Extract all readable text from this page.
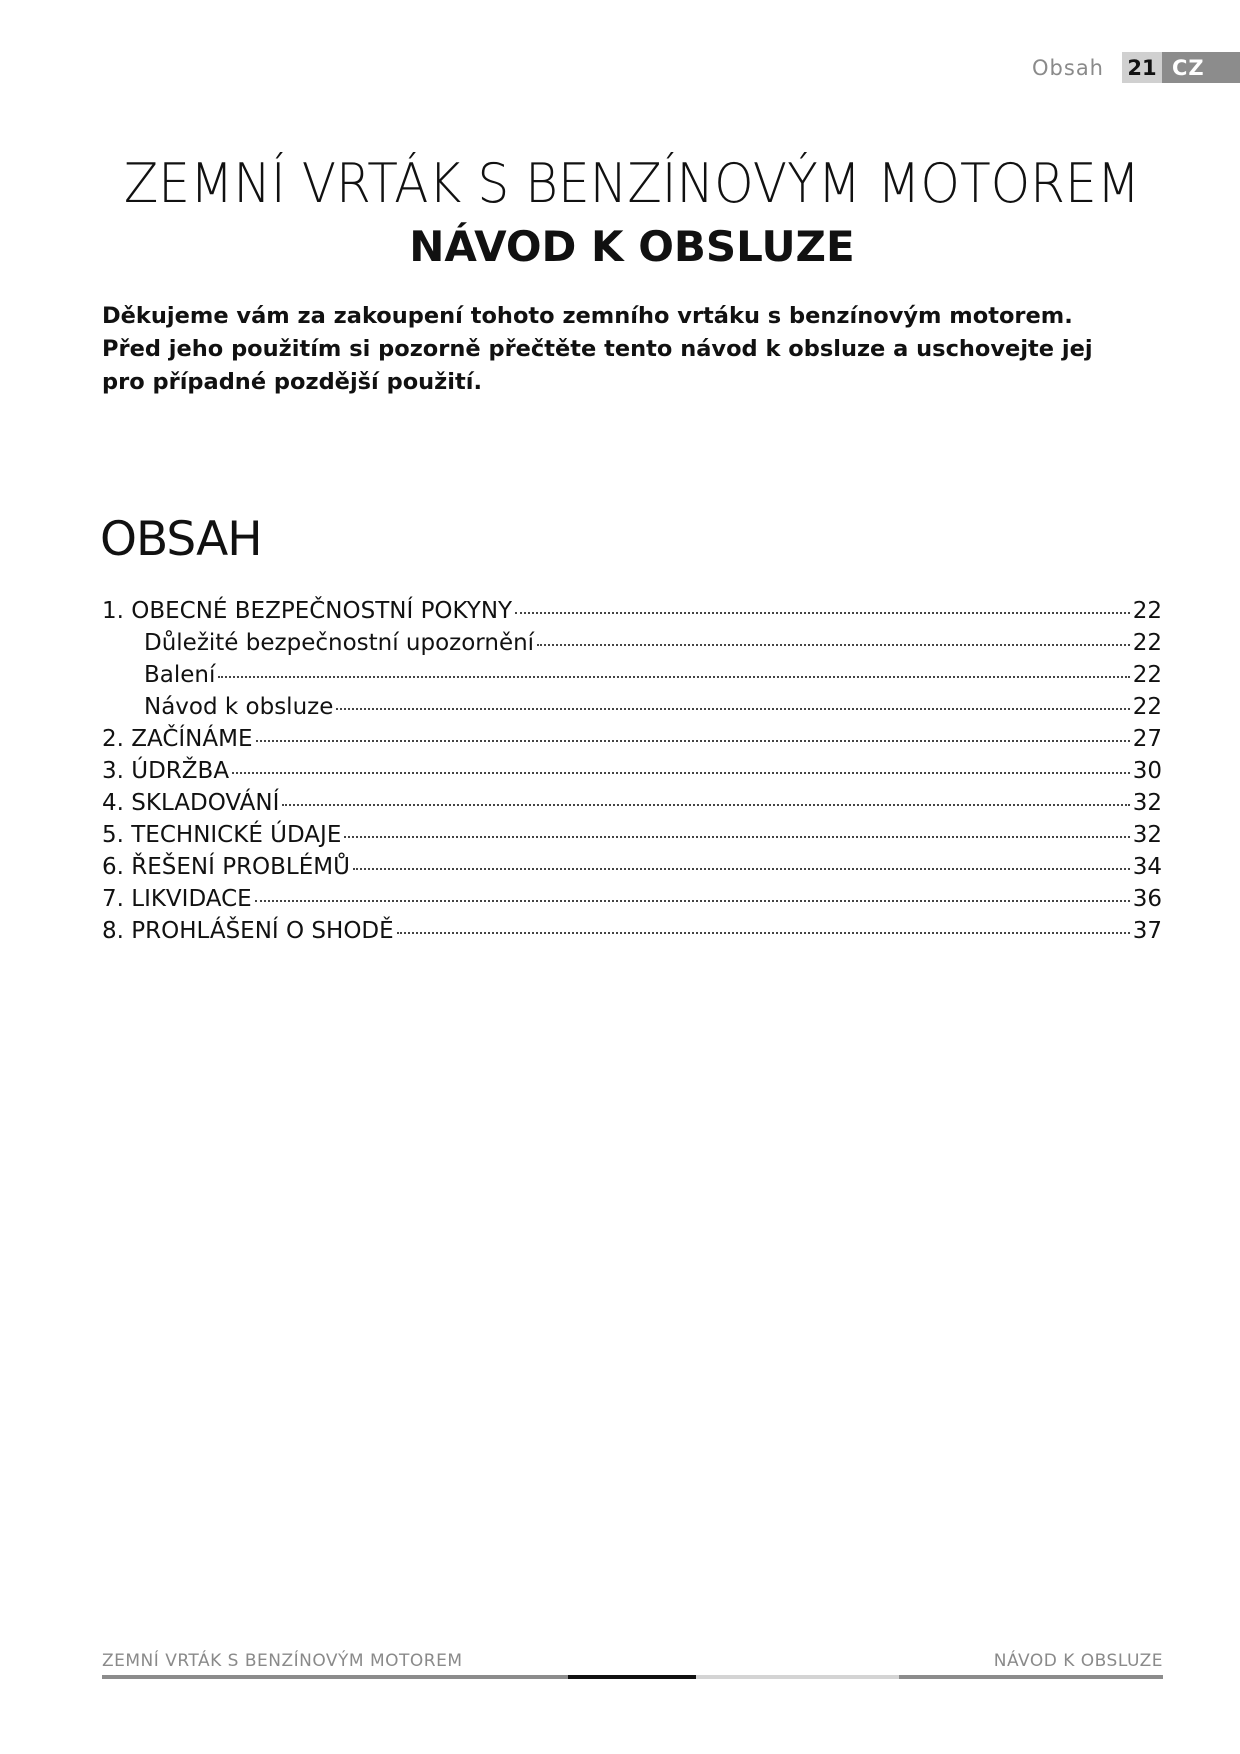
Obsah	21 CZ
ZEMNÍ VRTÁK S BENZÍNOVÝM MOTOREM
NÁVOD K OBSLUZE
Děkujeme vám za zakoupení tohoto zemního vrtáku s benzínovým motorem. Před jeho použitím si pozorně přečtěte tento návod k obsluze a uschovejte jej pro případné pozdější použití.
OBSAH
1. OBECNÉ BEZPEČNOSTNÍ POKYNY	22
Důležité bezpečnostní upozornění	22
Balení	22
Návod k obsluze	22
2. ZAČÍNÁME	27
3. ÚDRŽBA	30
4. SKLADOVÁNÍ	32
5. TECHNICKÉ ÚDAJE	32
6. ŘEŠENÍ PROBLÉMŮ	34
7. LIKVIDACE	36
8. PROHLÁŠENÍ O SHODĚ	37
ZEMNÍ VRTÁK S BENZÍNOVÝM MOTOREM	NÁVOD K OBSLUZE
